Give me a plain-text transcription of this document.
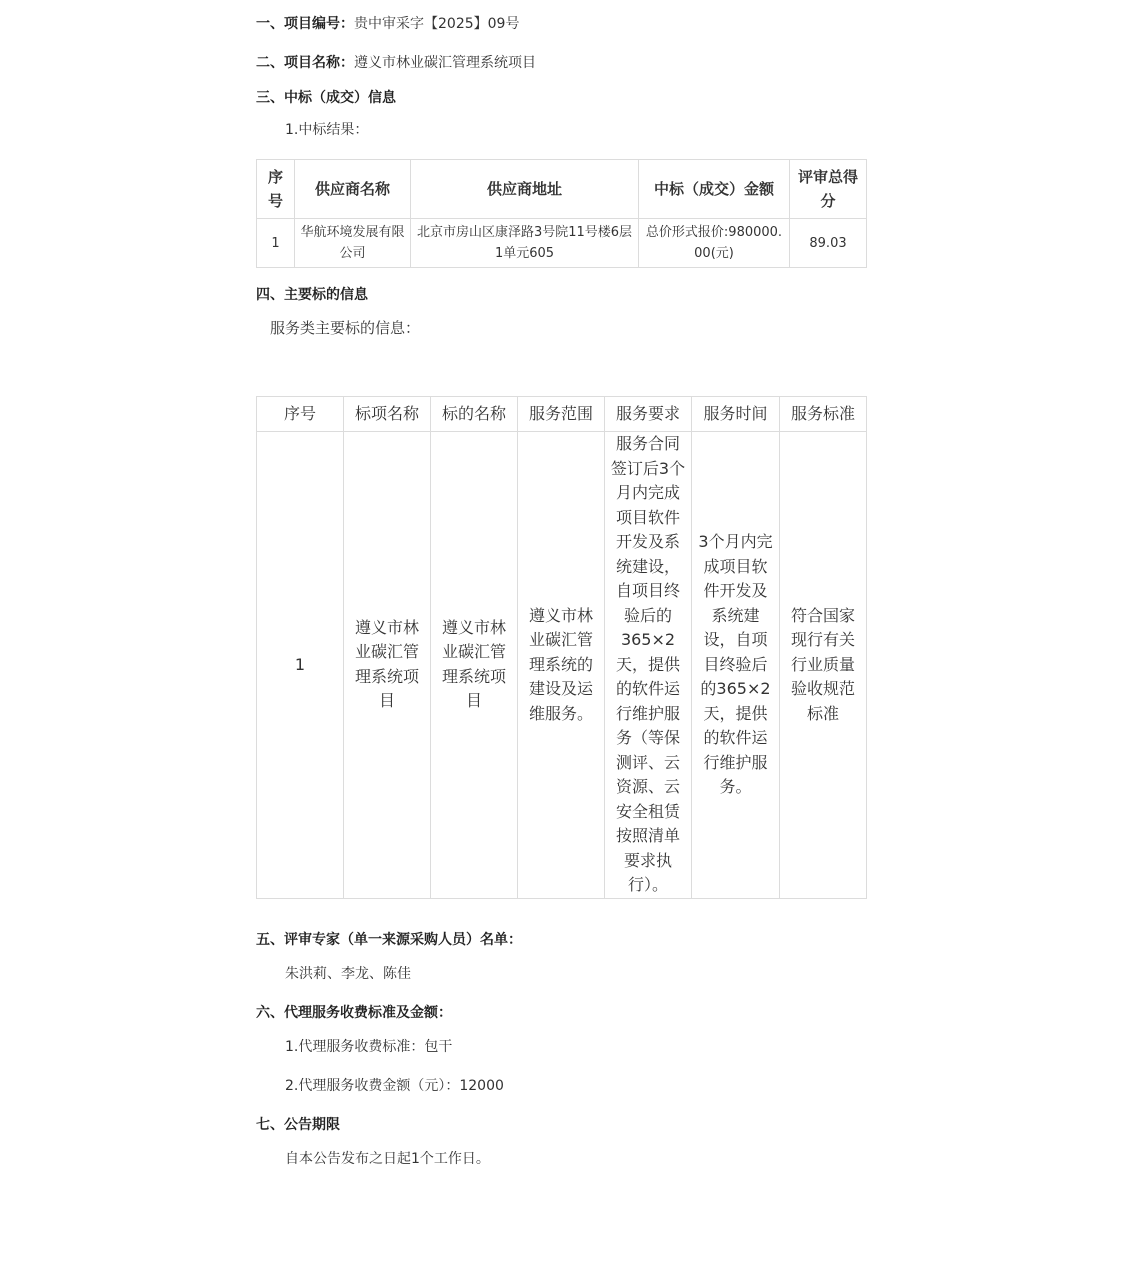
一、项目编号：贵中审采字【2025】09号
二、项目名称：遵义市林业碳汇管理系统项目
三、中标（成交）信息
1.中标结果：
序号	供应商名称	供应商地址	中标（成交）金额	评审总得分
1	华航环境发展有限公司	北京市房山区康泽路3号院11号楼6层1单元605	总价形式报价:980000.00(元)	89.03
四、主要标的信息
服务类主要标的信息：
序号	标项名称	标的名称	服务范围	服务要求	服务时间	服务标准
1	遵义市林业碳汇管理系统项目	遵义市林业碳汇管理系统项目	遵义市林业碳汇管理系统的建设及运维服务。	服务合同签订后3个月内完成项目软件开发及系统建设，自项目终验后的365×2天，提供的软件运行维护服务（等保测评、云资源、云安全租赁按照清单要求执行）。	3个月内完成项目软件开发及系统建设，自项目终验后的365×2天，提供的软件运行维护服务。	符合国家现行有关行业质量验收规范标准
五、评审专家（单一来源采购人员）名单：
朱洪莉、李龙、陈佳
六、代理服务收费标准及金额：
1.代理服务收费标准：包干
2.代理服务收费金额（元）：12000
七、公告期限
自本公告发布之日起1个工作日。
